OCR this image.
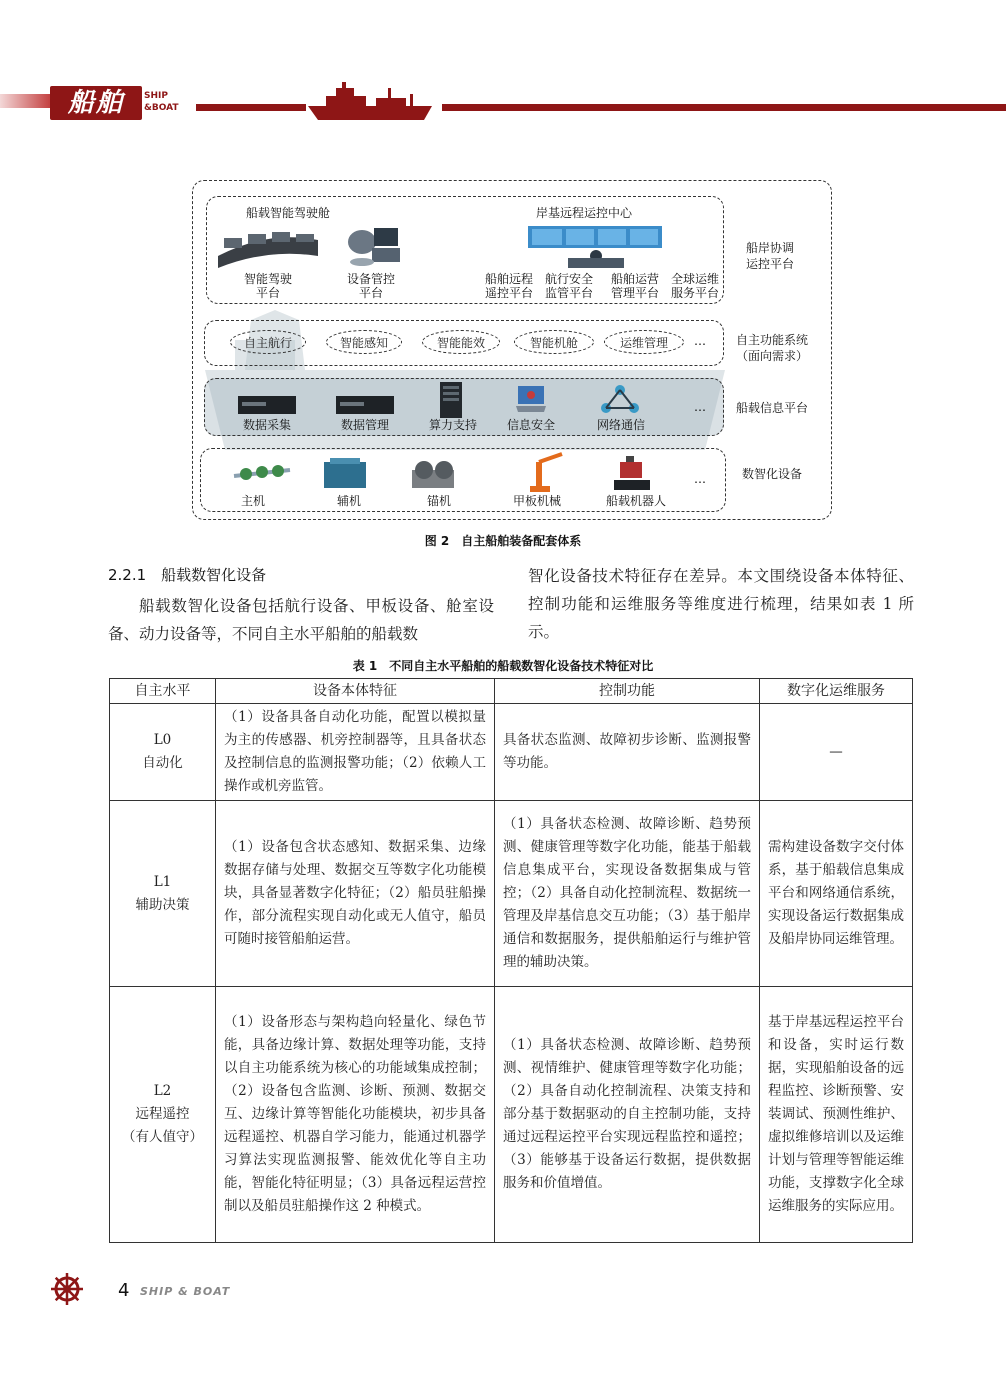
船舶	SHIP
&BOAT
船载智能驾驶舱	岸基远程运控中心
智能驾驶
平台
设备管控
平台
船舶远程
遥控平台
航行安全
监管平台
船舶运营
管理平台
全球运维
服务平台
船岸协调
运控平台
自主航行	智能感知	智能能效	智能机舱	运维管理	…	自主功能系统
（面向需求）
数据采集	数据管理	算力支持	信息安全	网络通信
…	船载信息平台
主机	辅机	锚机	甲板机械	船载机器人
…	数智化设备
图 2　自主船舶装备配套体系
2.2.1　船载数智化设备
船载数智化设备包括航行设备、甲板设备、舱室设备、动力设备等，不同自主水平船舶的船载数
智化设备技术特征存在差异。本文围绕设备本体特征、控制功能和运维服务等维度进行梳理，结果如表 1 所示。
表 1　不同自主水平船舶的船载数智化设备技术特征对比
自主水平	设备本体特征	控制功能	数字化运维服务

L0
自动化	（1）设备具备自动化功能，配置以模拟量为主的传感器、机旁控制器等，且具备状态及控制信息的监测报警功能；（2）依赖人工操作或机旁监管。	具备状态监测、故障初步诊断、监测报警等功能。	—

L1
辅助决策	（1）设备包含状态感知、数据采集、边缘数据存储与处理、数据交互等数字化功能模块，具备显著数字化特征；（2）船员驻船操作，部分流程实现自动化或无人值守，船员可随时接管船舶运营。	（1）具备状态检测、故障诊断、趋势预测、健康管理等数字化功能，能基于船载信息集成平台，实现设备数据集成与管控；（2）具备自动化控制流程、数据统一管理及岸基信息交互功能；（3）基于船岸通信和数据服务，提供船舶运行与维护管理的辅助决策。	需构建设备数字交付体系，基于船载信息集成平台和网络通信系统，实现设备运行数据集成及船岸协同运维管理。

L2
远程遥控
（有人值守）	（1）设备形态与架构趋向轻量化、绿色节能，具备边缘计算、数据处理等功能，支持以自主功能系统为核心的功能域集成控制；（2）设备包含监测、诊断、预测、数据交互、边缘计算等智能化功能模块，初步具备远程遥控、机器自学习能力，能通过机器学习算法实现监测报警、能效优化等自主功能，智能化特征明显；（3）具备远程运营控制以及船员驻船操作这 2 种模式。	（1）具备状态检测、故障诊断、趋势预测、视情维护、健康管理等数字化功能；（2）具备自动化控制流程、决策支持和部分基于数据驱动的自主控制功能，支持通过远程运控平台实现远程监控和遥控；（3）能够基于设备运行数据，提供数据服务和价值增值。	基于岸基远程运控平台和设备，实时运行数据，实现船舶设备的远程监控、诊断预警、安装调试、预测性维护、虚拟维修培训以及运维计划与管理等智能运维功能，支撑数字化全球运维服务的实际应用。
4 SHIP & BOAT
